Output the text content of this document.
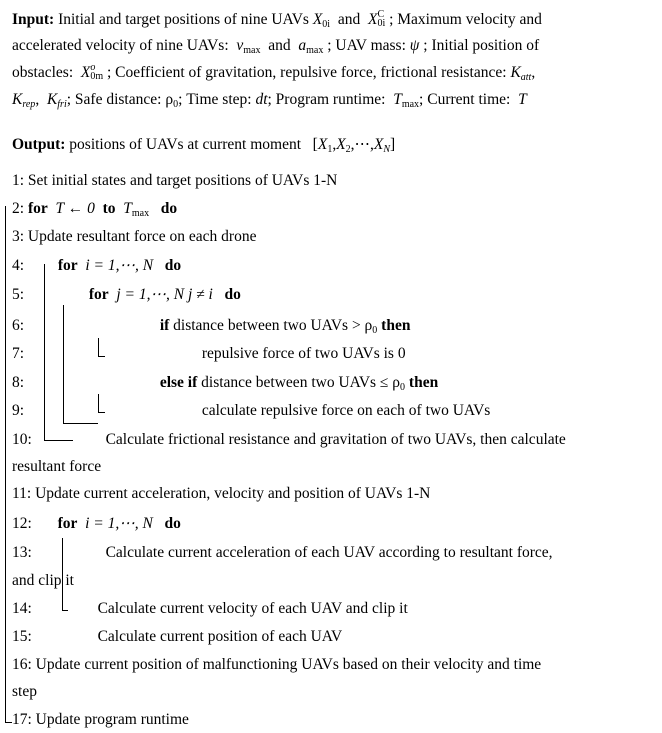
Input: Initial and target positions of nine UAVs $X_{0i}$ and X C
0i ; Maximum velocity and
accelerated velocity of nine UAVs: $v_{max}$ and $a_{max}$ ; UAV mass: ψ ; Initial position of
obstacles: X o
0m ; Coefficient of gravitation, repulsive force, frictional resistance: $K_{att}$,
$K_{rep}$, $K_{fri}$; Safe distance: $\rho_0$; Time step: dt; Program runtime: $T_{max}$; Current time: T
Output: positions of UAVs at current moment $[X_1,X_2,\cdots,X_N]$
1: Set initial states and target positions of UAVs 1-N
2: for T ← 0 to $T_{max}$ do
3: Update resultant force on each drone
4: for i = 1,⋯, N do
5:	for j = 1,⋯, N j ≠ i do
6:	if distance between two UAVs > $\rho_0$ then
7:	repulsive force of two UAVs is 0
8:	else if distance between two UAVs ≤ $\rho_0$ then
9:	calculate repulsive force on each of two UAVs
10:	Calculate frictional resistance and gravitation of two UAVs, then calculate
resultant force
11: Update current acceleration, velocity and position of UAVs 1-N
12: for i = 1,⋯, N do
13:	Calculate current acceleration of each UAV according to resultant force,
and clip it
14:	Calculate current velocity of each UAV and clip it
15:	Calculate current position of each UAV
16: Update current position of malfunctioning UAVs based on their velocity and time
step
17: Update program runtime
